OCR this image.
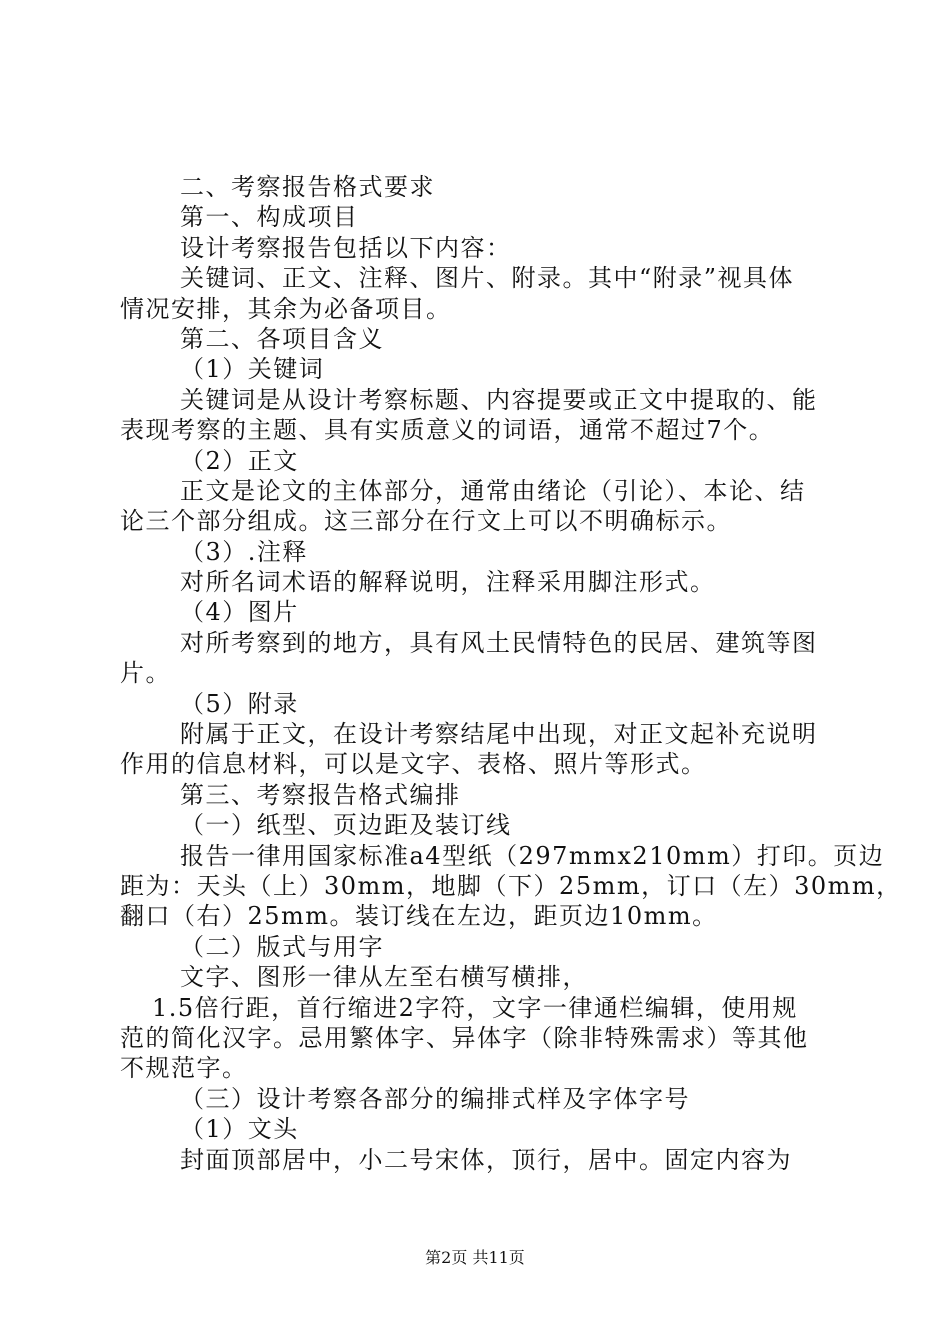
二、考察报告格式要求
第一、构成项目
设计考察报告包括以下内容：
关键词、正文、注释、图片、附录。其中“附录”视具体
情况安排，其余为必备项目。
第二、各项目含义
（1）关键词
关键词是从设计考察标题、内容提要或正文中提取的、能
表现考察的主题、具有实质意义的词语，通常不超过7个。
（2）正文
正文是论文的主体部分，通常由绪论（引论）、本论、结
论三个部分组成。这三部分在行文上可以不明确标示。
（3）.注释
对所名词术语的解释说明，注释采用脚注形式。
（4）图片
对所考察到的地方，具有风土民情特色的民居、建筑等图
片。
（5）附录
附属于正文，在设计考察结尾中出现，对正文起补充说明
作用的信息材料，可以是文字、表格、照片等形式。
第三、考察报告格式编排
（一）纸型、页边距及装订线
报告一律用国家标准a4型纸（297mmx210mm）打印。页边
距为：天头（上）30mm，地脚（下）25mm，订口（左）30mm，
翻口（右）25mm。装订线在左边，距页边10mm。
（二）版式与用字
文字、图形一律从左至右横写横排，
1.5倍行距，首行缩进2字符，文字一律通栏编辑，使用规
范的简化汉字。忌用繁体字、异体字（除非特殊需求）等其他
不规范字。
（三）设计考察各部分的编排式样及字体字号
（1）文头
封面顶部居中，小二号宋体，顶行，居中。固定内容为
第2页 共11页
